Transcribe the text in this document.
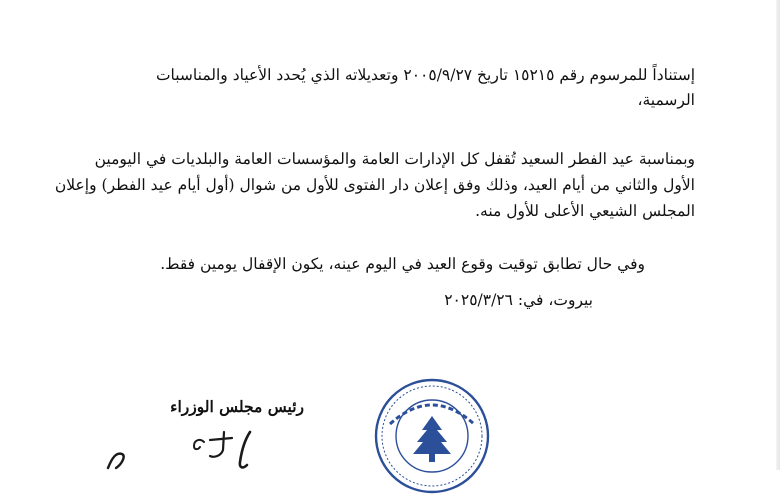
إستناداً للمرسوم رقم ١٥٢١٥ تاريخ ٢٠٠٥/٩/٢٧ وتعديلاته الذي يُحدد الأعياد والمناسبات
الرسمية،
وبمناسبة عيد الفطر السعيد تُقفل كل الإدارات العامة والمؤسسات العامة والبلديات في اليومين
الأول والثاني من أيام العيد، وذلك وفق إعلان دار الفتوى للأول من شوال (أول أيام عيد الفطر) وإعلان
المجلس الشيعي الأعلى للأول منه.
وفي حال تطابق توقيت وقوع العيد في اليوم عينه، يكون الإقفال يومين فقط.
بيروت، في: ٢٠٢٥/٣/٢٦
رئيس مجلس الوزراء
